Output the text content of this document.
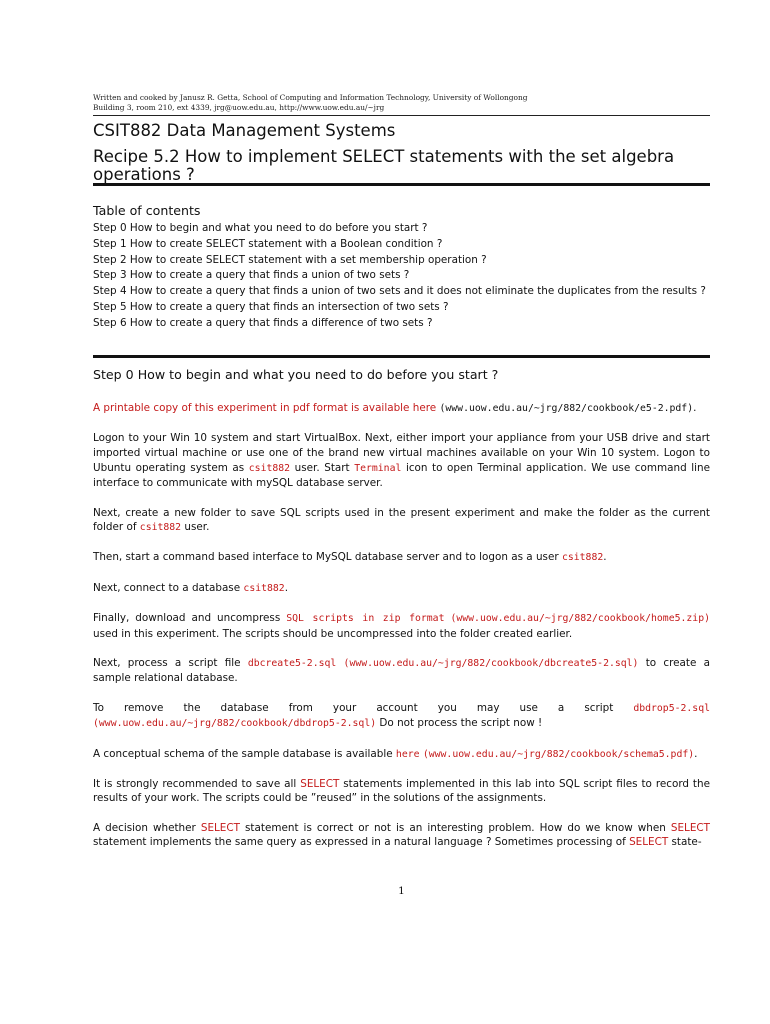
Written and cooked by Janusz R. Getta, School of Computing and Information Technology, University of Wollongong
Building 3, room 210, ext 4339, jrg@uow.edu.au, http://www.uow.edu.au/~jrg
CSIT882 Data Management Systems
Recipe 5.2 How to implement SELECT statements with the set algebra operations ?
Table of contents
Step 0 How to begin and what you need to do before you start ?
Step 1 How to create SELECT statement with a Boolean condition ?
Step 2 How to create SELECT statement with a set membership operation ?
Step 3 How to create a query that finds a union of two sets ?
Step 4 How to create a query that finds a union of two sets and it does not eliminate the duplicates from the results ?
Step 5 How to create a query that finds an intersection of two sets ?
Step 6 How to create a query that finds a difference of two sets ?
Step 0 How to begin and what you need to do before you start ?

A printable copy of this experiment in pdf format is available here (www.uow.edu.au/~jrg/882/cookbook/e5-2.pdf).

Logon to your Win 10 system and start VirtualBox. Next, either import your appliance from your USB drive and start imported virtual machine or use one of the brand new virtual machines available on your Win 10 system. Logon to Ubuntu operating system as csit882 user. Start Terminal icon to open Terminal application. We use command line interface to communicate with mySQL database server.

Next, create a new folder to save SQL scripts used in the present experiment and make the folder as the current folder of csit882 user.

Then, start a command based interface to MySQL database server and to logon as a user csit882.

Next, connect to a database csit882.

Finally, download and uncompress SQL scripts in zip format (www.uow.edu.au/~jrg/882/cookbook/home5.zip) used in this experiment. The scripts should be uncompressed into the folder created earlier.

Next, process a script file dbcreate5-2.sql (www.uow.edu.au/~jrg/882/cookbook/dbcreate5-2.sql) to create a sample relational database.

To remove the database from your account you may use a script dbdrop5-2.sql (www.uow.edu.au/~jrg/882/cookbook/dbdrop5-2.sql) Do not process the script now !

A conceptual schema of the sample database is available here (www.uow.edu.au/~jrg/882/cookbook/schema5.pdf).

It is strongly recommended to save all SELECT statements implemented in this lab into SQL script files to record the results of your work. The scripts could be ”reused” in the solutions of the assignments.

A decision whether SELECT statement is correct or not is an interesting problem. How do we know when SELECT statement implements the same query as expressed in a natural language ? Sometimes processing of SELECT state-

1
